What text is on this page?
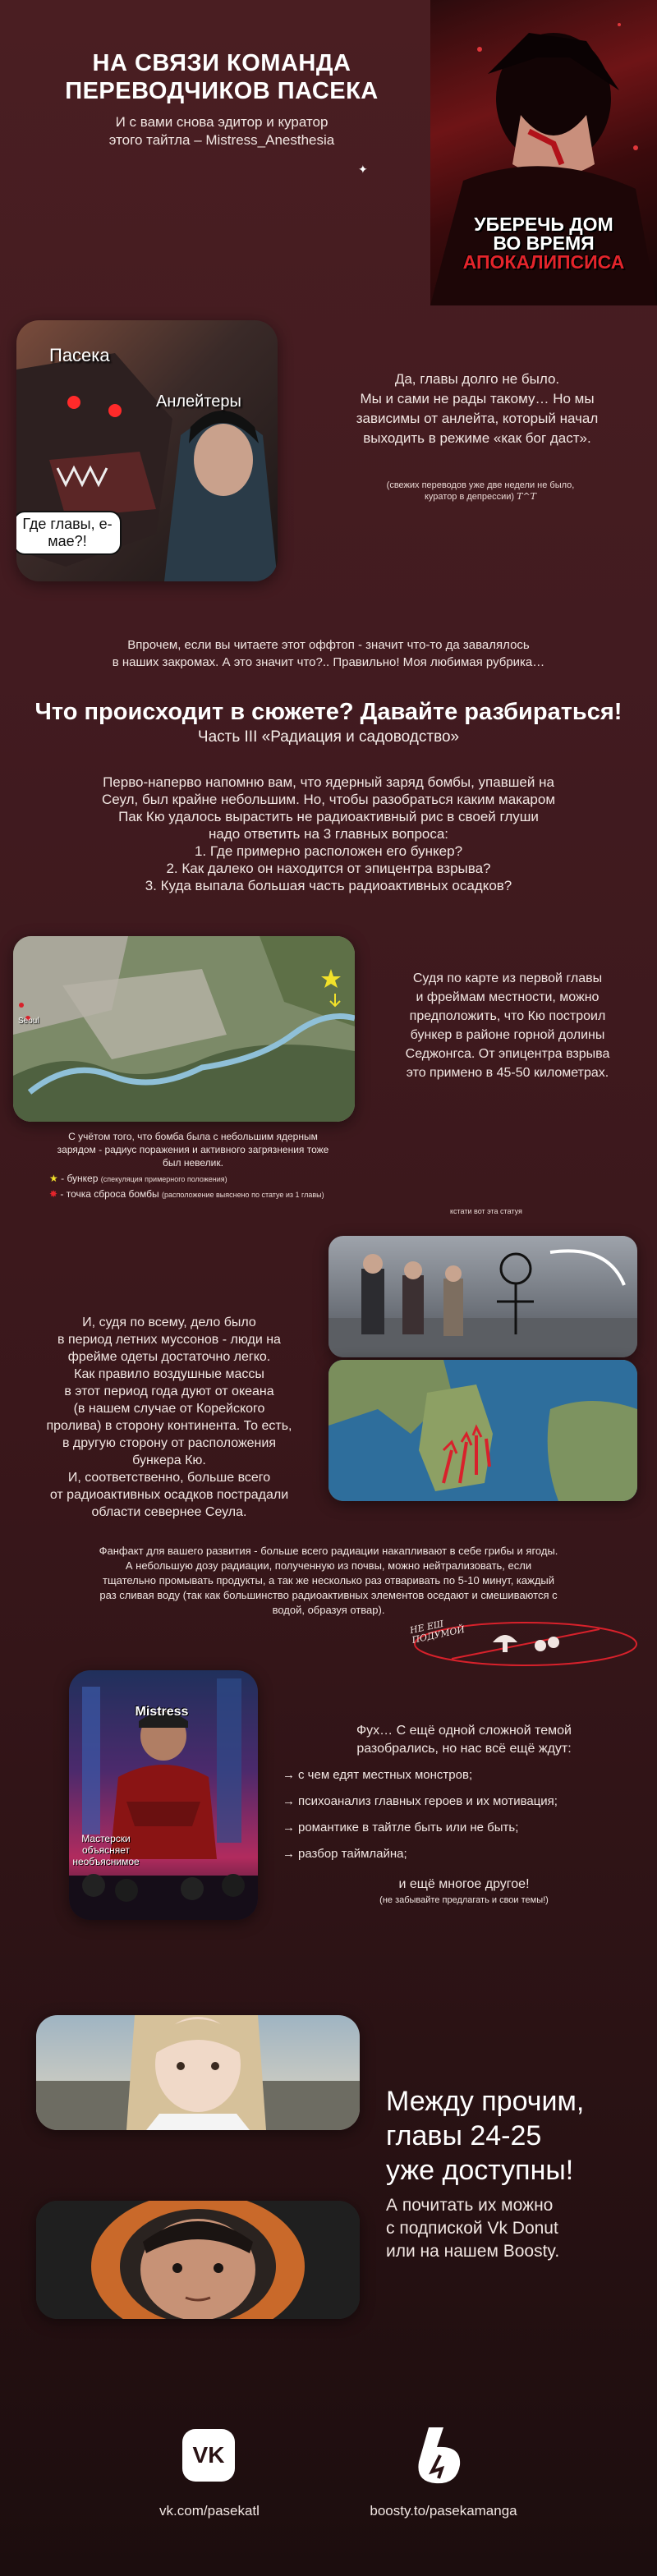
НА СВЯЗИ КОМАНДА
ПЕРЕВОДЧИКОВ ПАСЕКА
И с вами снова эдитор и куратор
этого тайтла – Mistress_Anesthesia
✦
УБЕРЕЧЬ ДОМ
ВО ВРЕМЯ
АПОКАЛИПСИСА
Пасека
Анлейтеры
Где главы, е-мае?!
Да, главы долго не было.
Мы и сами не рады такому… Но мы
зависимы от анлейта, который начал
выходить в режиме «как бог даст».
(свежих переводов уже две недели не было,
куратор в депрессии) T^T
Впрочем, если вы читаете этот оффтоп - значит что-то да завалялось
в наших закромах. А это значит что?.. Правильно! Моя любимая рубрика…
Что происходит в сюжете? Давайте разбираться!
Часть III «Радиация и садоводство»
Перво-наперво напомню вам, что ядерный заряд бомбы, упавшей на
Сеул, был крайне небольшим. Но, чтобы разобраться каким макаром
Пак Кю удалось вырастить не радиоактивный рис в своей глуши
надо ответить на 3 главных вопроса:
1. Где примерно расположен его бункер?
2. Как далеко он находится от эпицентра взрыва?
3. Куда выпала большая часть радиоактивных осадков?
Seoul
Судя по карте из первой главы
и фреймам местности, можно
предположить, что Кю построил
бункер в районе горной долины
Седжонгса. От эпицентра взрыва
это примено в 45-50 километрах.
С учётом того, что бомба была с небольшим ядерным
зарядом - радиус поражения и активного загрязнения тоже
был невелик.
★ - бункер (спекуляция примерного положения)
✸ - точка сброса бомбы (расположение выяснено по статуе из 1 главы)
кстати вот эта статуя
И, судя по всему, дело было
в период летних муссонов - люди на
фрейме одеты достаточно легко.
Как правило воздушные массы
в этот период года дуют от океана
(в нашем случае от Корейского
пролива) в сторону континента. То есть,
в другую сторону от расположения
бункера Кю.
И, соответственно, больше всего
от радиоактивных осадков пострадали
области севернее Сеула.
Фанфакт для вашего развития - больше всего радиации накапливают в себе грибы и ягоды.
А небольшую дозу радиации, полученную из почвы, можно нейтрализовать, если
тщательно промывать продукты, а так же несколько раз отваривать по 5-10 минут, каждый
раз сливая воду (так как большинство радиоактивных элементов оседают и смешиваются с
водой, образуя отвар).
НЕ ЕШ ПОДУМОЙ
Mistress
Мастерски объясняет необъяснимое
Фух… С ещё одной сложной темой
разобрались, но нас всё ещё ждут:
→ с чем едят местных монстров;
→ психоанализ главных героев и их мотивация;
→ романтике в тайтле быть или не быть;
→ разбор таймлайна;
и ещё многое другое!
(не забывайте предлагать и свои темы!)
Между прочим,
главы 24-25
уже доступны!
А почитать их можно
с подпиской Vk Donut
или на нашем Boosty.
VK
vk.com/pasekatl	boosty.to/pasekamanga
